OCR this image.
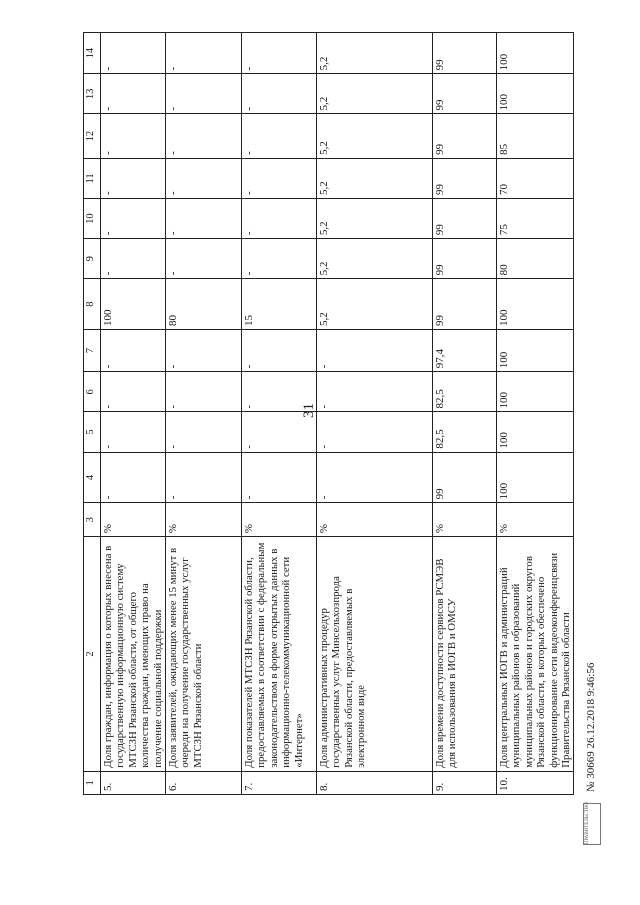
31
1	2	3	4	5	6	7	8	9	10	11	12	13	14
5.	Доля граждан, информация о которых внесена в государственную информационную систему МТСЗН Рязанской области, от общего количества граждан, имеющих право на получение социальной поддержки	%	-	-	-	-	100	-	-	-	-	-	-
6.	Доля заявителей, ожидающих менее 15 минут в очереди на получение государственных услуг МТСЗН Рязанской области	%	-	-	-	-	80	-	-	-	-	-	-
7.	Доля показателей МТСЗН Рязанской области, предоставляемых в соответствии с федеральным законодательством в форме открытых данных в информационно-телекоммуникационной сети «Интернет»	%	-	-	-	-	15	-	-	-	-	-	-
8.	Доля административных процедур государственных услуг Минсельхозпрода Рязанской области, предоставляемых в электронном виде	%	-	-	-	-	5,2	5,2	5,2	5,2	5,2	5,2	5,2
9.	Доля времени доступности сервисов РСМЭВ для использования в ИОГВ и ОМСУ	%	99	82,5	82,5	97,4	99	99	99	99	99	99	99
10.	Доля центральных ИОГВ и администраций муниципальных районов и образований муниципальных районов и городских округов Рязанской области, в которых обеспечено функционирование сети видеоконференцсвязи Правительства Рязанской области	%	100	100	100	100	100	80	75	70	85	100	100
ПРАВИТЕЛЬСТВО
№ 30669 26.12.2018 9:46:56
